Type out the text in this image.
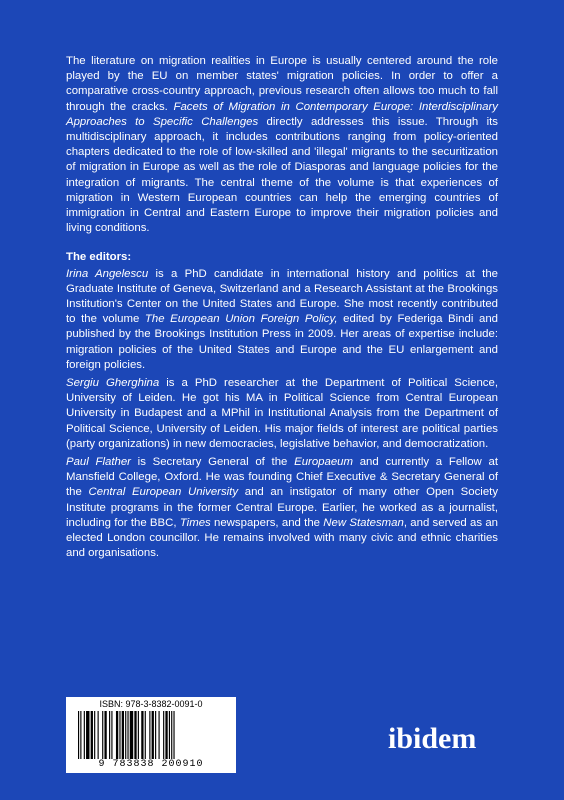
The literature on migration realities in Europe is usually centered around the role played by the EU on member states' migration policies. In order to offer a comparative cross-country approach, previous research often allows too much to fall through the cracks. Facets of Migration in Contemporary Europe: Interdisciplinary Approaches to Specific Challenges directly addresses this issue. Through its multidisciplinary approach, it includes contributions ranging from policy-oriented chapters dedicated to the role of low-skilled and 'illegal' migrants to the securitization of migration in Europe as well as the role of Diasporas and language policies for the integration of migrants. The central theme of the volume is that experiences of migration in Western European countries can help the emerging countries of immigration in Central and Eastern Europe to improve their migration policies and living conditions.

The editors:

Irina Angelescu is a PhD candidate in international history and politics at the Graduate Institute of Geneva, Switzerland and a Research Assistant at the Brookings Institution's Center on the United States and Europe. She most recently contributed to the volume The European Union Foreign Policy, edited by Federiga Bindi and published by the Brookings Institution Press in 2009. Her areas of expertise include: migration policies of the United States and Europe and the EU enlargement and foreign policies.

Sergiu Gherghina is a PhD researcher at the Department of Political Science, University of Leiden. He got his MA in Political Science from Central European University in Budapest and a MPhil in Institutional Analysis from the Department of Political Science, University of Leiden. His major fields of interest are political parties (party organizations) in new democracies, legislative behavior, and democratization.

Paul Flather is Secretary General of the Europaeum and currently a Fellow at Mansfield College, Oxford. He was founding Chief Executive & Secretary General of the Central European University and an instigator of many other Open Society Institute programs in the former Central Europe. Earlier, he worked as a journalist, including for the BBC, Times newspapers, and the New Statesman, and served as an elected London councillor. He remains involved with many civic and ethnic charities and organisations.

ISBN: 978-3-8382-0091-0
9 783838 200910
ibidem
